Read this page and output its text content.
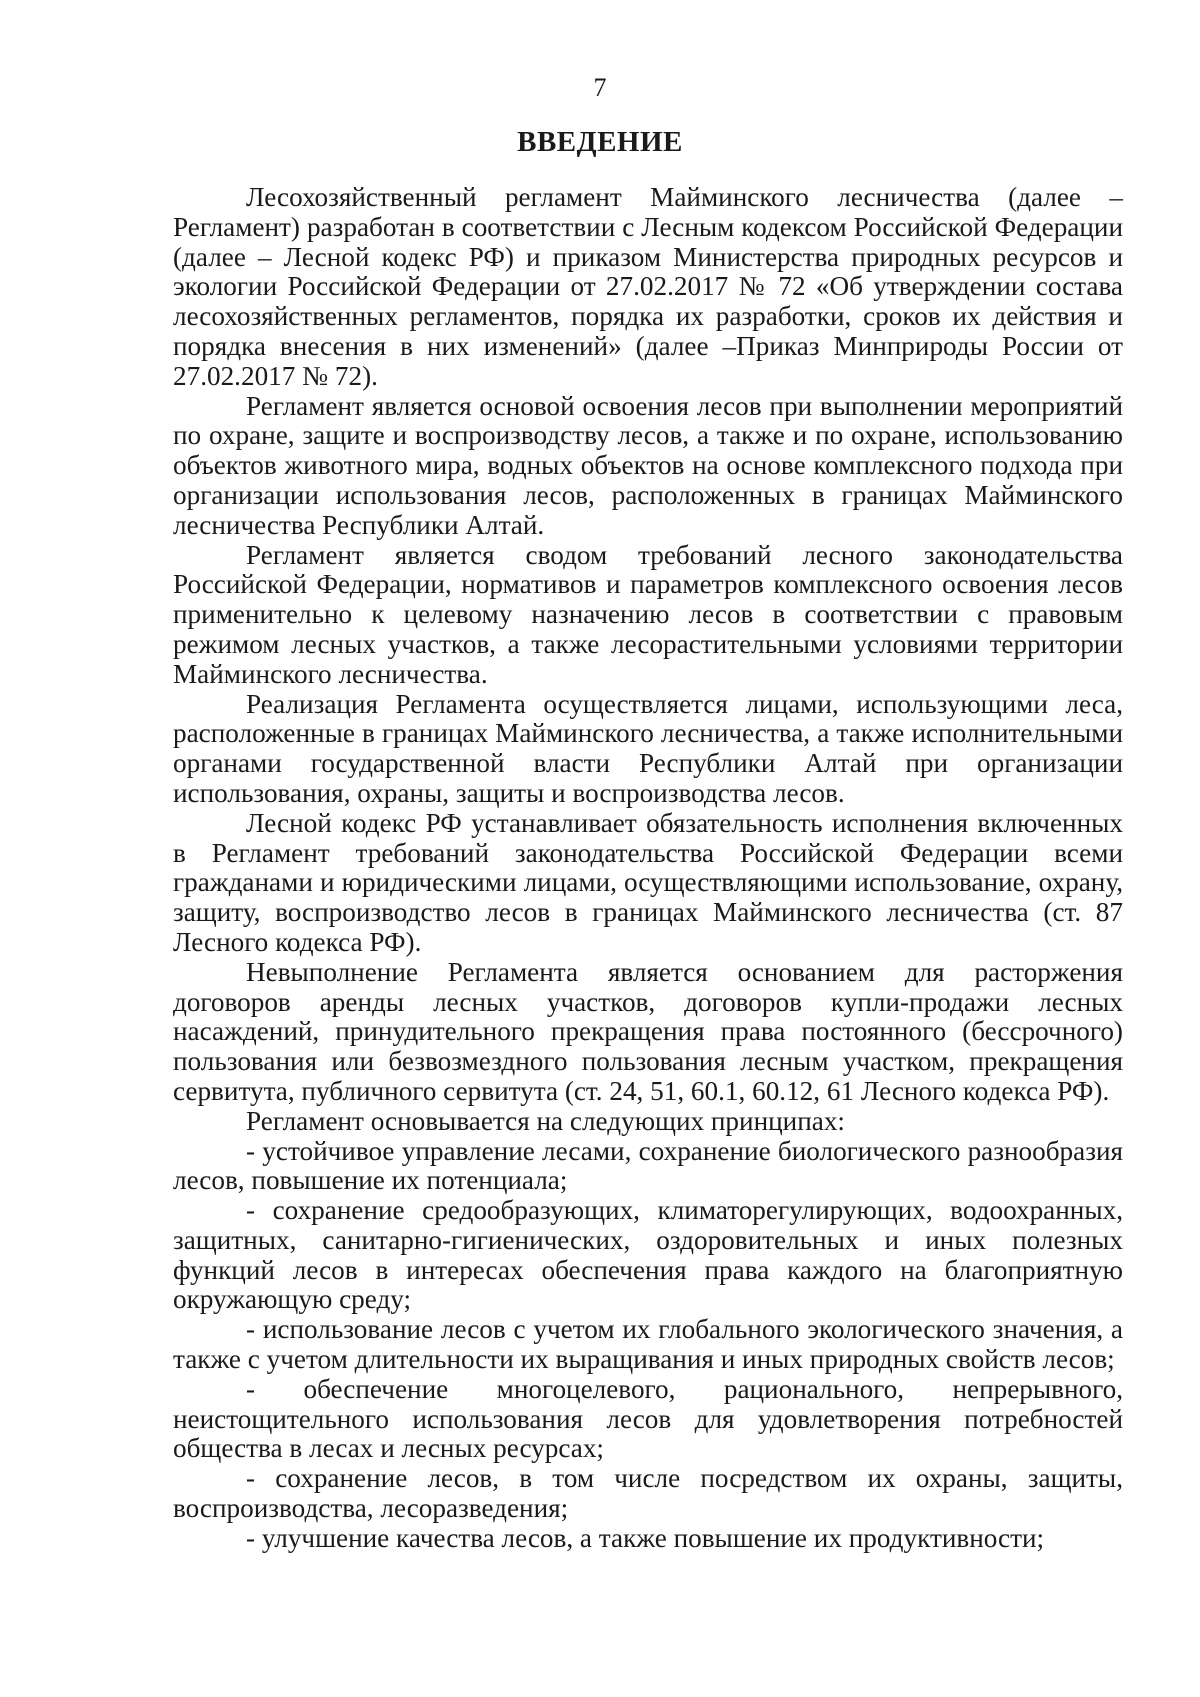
7
ВВЕДЕНИЕ

Лесохозяйственный регламент Майминского лесничества (далее – Регламент) разработан в соответствии с Лесным кодексом Российской Федерации (далее – Лесной кодекс РФ) и приказом Министерства природных ресурсов и экологии Российской Федерации от 27.02.2017 № 72 «Об утверждении состава лесохозяйственных регламентов, порядка их разработки, сроков их действия и порядка внесения в них изменений» (далее –Приказ Минприроды России от 27.02.2017 № 72).

Регламент является основой освоения лесов при выполнении мероприятий по охране, защите и воспроизводству лесов, а также и по охране, использованию объектов животного мира, водных объектов на основе комплексного подхода при организации использования лесов, расположенных в границах Майминского лесничества Республики Алтай.

Регламент является сводом требований лесного законодательства Российской Федерации, нормативов и параметров комплексного освоения лесов применительно к целевому назначению лесов в соответствии с правовым режимом лесных участков, а также лесорастительными условиями территории Майминского лесничества.

Реализация Регламента осуществляется лицами, использующими леса, расположенные в границах Майминского лесничества, а также исполнительными органами государственной власти Республики Алтай при организации использования, охраны, защиты и воспроизводства лесов.

Лесной кодекс РФ устанавливает обязательность исполнения включенных в Регламент требований законодательства Российской Федерации всеми гражданами и юридическими лицами, осуществляющими использование, охрану, защиту, воспроизводство лесов в границах Майминского лесничества (ст. 87 Лесного кодекса РФ).

Невыполнение Регламента является основанием для расторжения договоров аренды лесных участков, договоров купли-продажи лесных насаждений, принудительного прекращения права постоянного (бессрочного) пользования или безвозмездного пользования лесным участком, прекращения сервитута, публичного сервитута (ст. 24, 51, 60.1, 60.12, 61 Лесного кодекса РФ).

Регламент основывается на следующих принципах:

- устойчивое управление лесами, сохранение биологического разнообразия лесов, повышение их потенциала;

- сохранение средообразующих, климаторегулирующих, водоохранных, защитных, санитарно-гигиенических, оздоровительных и иных полезных функций лесов в интересах обеспечения права каждого на благоприятную окружающую среду;

- использование лесов с учетом их глобального экологического значения, а также с учетом длительности их выращивания и иных природных свойств лесов;

- обеспечение многоцелевого, рационального, непрерывного, неистощительного использования лесов для удовлетворения потребностей общества в лесах и лесных ресурсах;

- сохранение лесов, в том числе посредством их охраны, защиты, воспроизводства, лесоразведения;

- улучшение качества лесов, а также повышение их продуктивности;
